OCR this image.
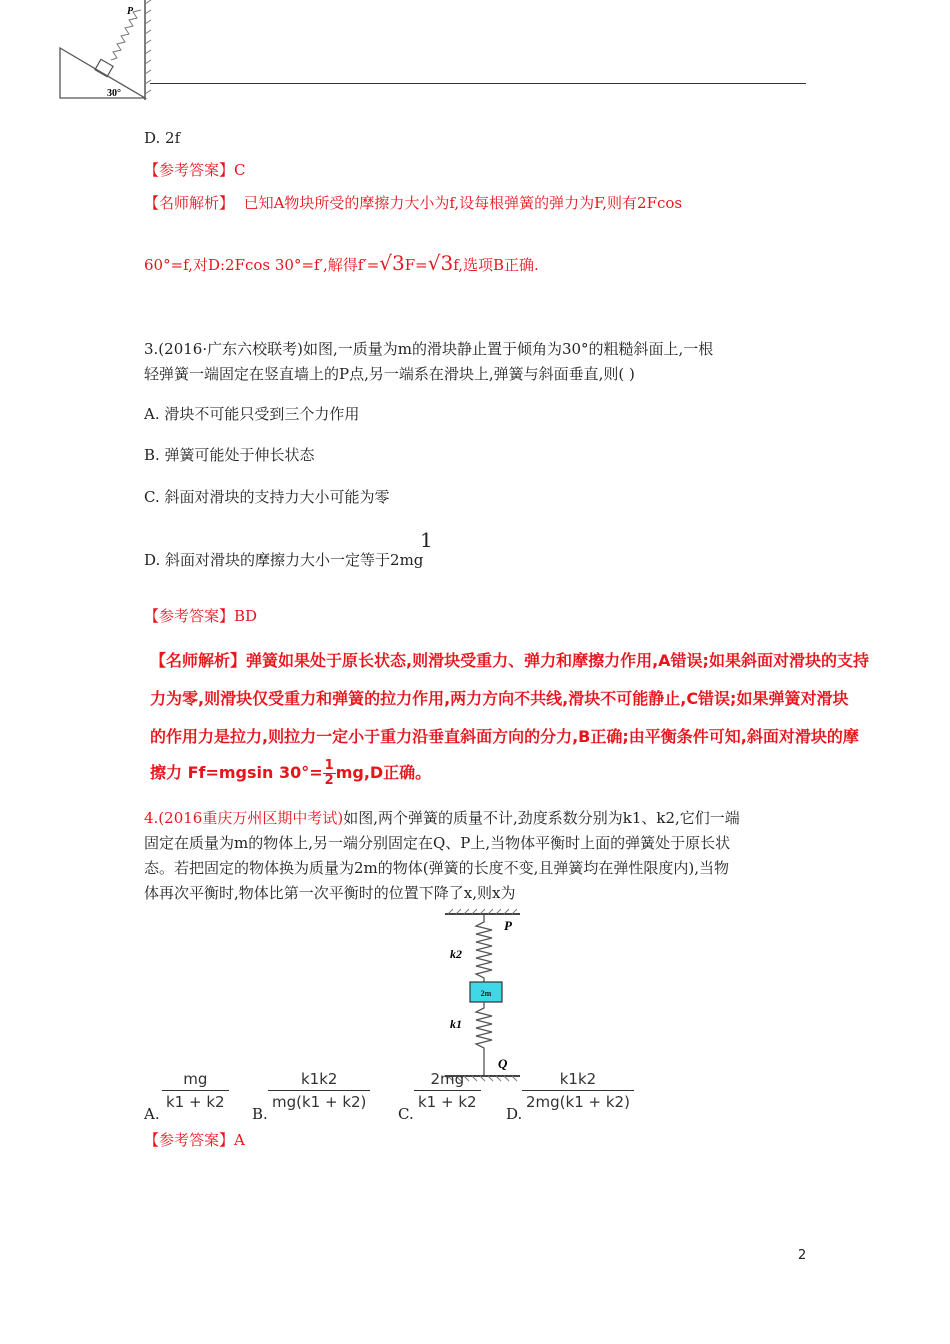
P
30°
D. 2f
【参考答案】C
【名师解析】 已知A物块所受的摩擦力大小为f,设每根弹簧的弹力为F,则有2Fcos
60°=f,对D:2Fcos 30°=f′,解得f′=√3F=√3f,选项B正确.
3.(2016·广东六校联考)如图,一质量为m的滑块静止置于倾角为30°的粗糙斜面上,一根
轻弹簧一端固定在竖直墙上的P点,另一端系在滑块上,弹簧与斜面垂直,则( )
A. 滑块不可能只受到三个力作用
B. 弹簧可能处于伸长状态
C. 斜面对滑块的支持力大小可能为零
1
D. 斜面对滑块的摩擦力大小一定等于2mg
【参考答案】BD
【名师解析】弹簧如果处于原长状态,则滑块受重力、弹力和摩擦力作用,A错误;如果斜面对滑块的支持
力为零,则滑块仅受重力和弹簧的拉力作用,两力方向不共线,滑块不可能静止,C错误;如果弹簧对滑块
的作用力是拉力,则拉力一定小于重力沿垂直斜面方向的分力,B正确;由平衡条件可知,斜面对滑块的摩
擦力 Ff=mgsin $30^\circ= \frac{1}{2} mg,D$正确。
4.(2016重庆万州区期中考试)如图,两个弹簧的质量不计,劲度系数分别为k1、k2,它们一端
固定在质量为m的物体上,另一端分别固定在Q、P上,当物体平衡时上面的弹簧处于原长状
态。若把固定的物体换为质量为2m的物体(弹簧的长度不变,且弹簧均在弹性限度内),当物
体再次平衡时,物体比第一次平衡时的位置下降了x,则x为
2m
P
k2
k1
Q
A.
$\frac{mg}{k1 + k2}$
B.
$\frac{k1k2}{mg(k1 + k2)}$
C.
$\frac{2mg}{k1 + k2}$
D.
$\frac{k1k2}{2mg(k1 + k2)}$
【参考答案】A
2
